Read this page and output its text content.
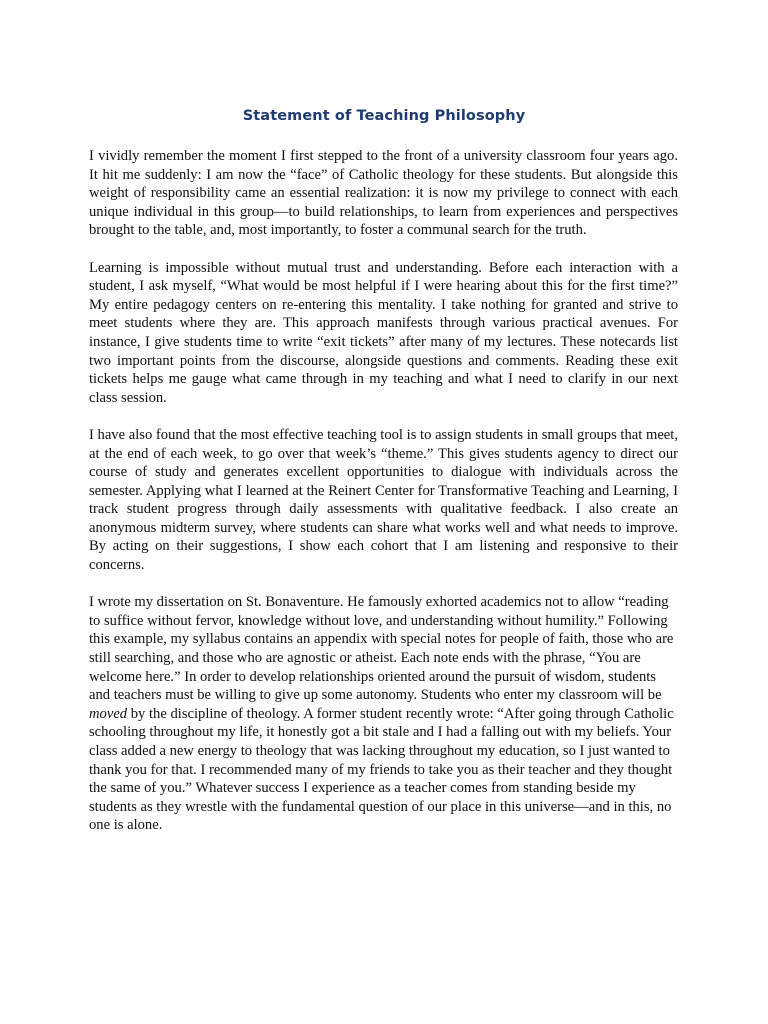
Statement of Teaching Philosophy

I vividly remember the moment I first stepped to the front of a university classroom four years ago. It hit me suddenly: I am now the “face” of Catholic theology for these students. But alongside this weight of responsibility came an essential realization: it is now my privilege to connect with each unique individual in this group—to build relationships, to learn from experiences and perspectives brought to the table, and, most importantly, to foster a communal search for the truth.

Learning is impossible without mutual trust and understanding. Before each interaction with a student, I ask myself, “What would be most helpful if I were hearing about this for the first time?” My entire pedagogy centers on re-entering this mentality. I take nothing for granted and strive to meet students where they are. This approach manifests through various practical avenues. For instance, I give students time to write “exit tickets” after many of my lectures. These notecards list two important points from the discourse, alongside questions and comments. Reading these exit tickets helps me gauge what came through in my teaching and what I need to clarify in our next class session.

I have also found that the most effective teaching tool is to assign students in small groups that meet, at the end of each week, to go over that week’s “theme.” This gives students agency to direct our course of study and generates excellent opportunities to dialogue with individuals across the semester. Applying what I learned at the Reinert Center for Transformative Teaching and Learning, I track student progress through daily assessments with qualitative feedback. I also create an anonymous midterm survey, where students can share what works well and what needs to improve. By acting on their suggestions, I show each cohort that I am listening and responsive to their concerns.

I wrote my dissertation on St. Bonaventure. He famously exhorted academics not to allow “reading to suffice without fervor, knowledge without love, and understanding without humility.” Following this example, my syllabus contains an appendix with special notes for people of faith, those who are still searching, and those who are agnostic or atheist. Each note ends with the phrase, “You are welcome here.” In order to develop relationships oriented around the pursuit of wisdom, students and teachers must be willing to give up some autonomy. Students who enter my classroom will be moved by the discipline of theology. A former student recently wrote: “After going through Catholic schooling throughout my life, it honestly got a bit stale and I had a falling out with my beliefs. Your class added a new energy to theology that was lacking throughout my education, so I just wanted to thank you for that. I recommended many of my friends to take you as their teacher and they thought the same of you.” Whatever success I experience as a teacher comes from standing beside my students as they wrestle with the fundamental question of our place in this universe—and in this, no one is alone.
